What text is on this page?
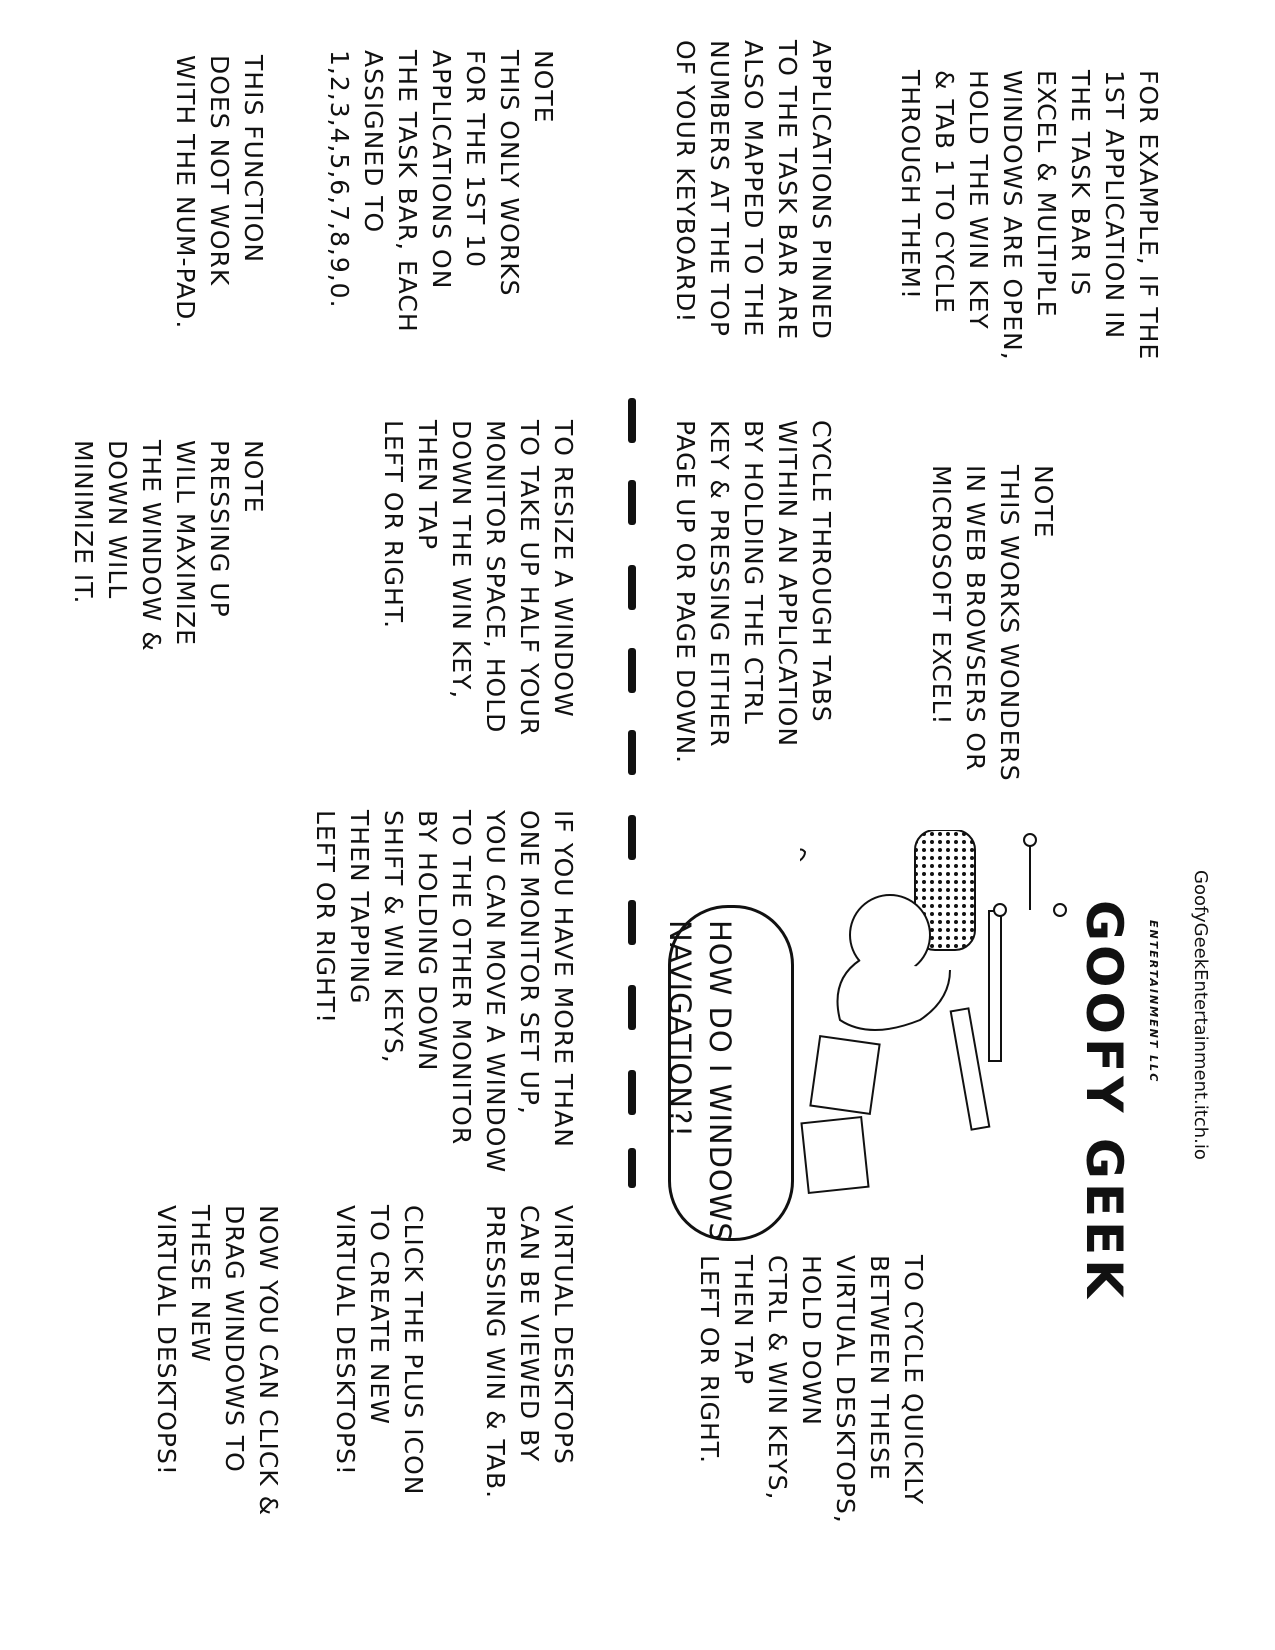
GoofyGeekEntertainment.itch.io
ENTERTAINMENT LLC
GOOFY GEEK
HOW DO I WINDOWS
NAVIGATION?!
APPLICATIONS PINNED
TO THE TASK BAR ARE
ALSO MAPPED TO THE
NUMBERS AT THE TOP
OF YOUR KEYBOARD!	FOR EXAMPLE, IF THE
1ST APPLICATION IN
THE TASK BAR IS
EXCEL & MULTIPLE
WINDOWS ARE OPEN,
HOLD THE WIN KEY
& TAB 1 TO CYCLE
THROUGH THEM!
NOTE
THIS ONLY WORKS
FOR THE 1ST 10
APPLICATIONS ON
THE TASK BAR, EACH
ASSIGNED TO
1,2,3,4,5,6,7,8,9,0.
THIS FUNCTION
DOES NOT WORK
WITH THE NUM-PAD.
CYCLE THROUGH TABS
WITHIN AN APPLICATION
BY HOLDING THE CTRL
KEY & PRESSING EITHER
PAGE UP OR PAGE DOWN.	NOTE
THIS WORKS WONDERS
IN WEB BROWSERS OR
MICROSOFT EXCEL!
TO RESIZE A WINDOW
TO TAKE UP HALF YOUR
MONITOR SPACE, HOLD
DOWN THE WIN KEY,
THEN TAP
LEFT OR RIGHT.
NOTE
PRESSING UP
WILL MAXIMIZE
THE WINDOW &
DOWN WILL
MINIMIZE IT.
IF YOU HAVE MORE THAN
ONE MONITOR SET UP,
YOU CAN MOVE A WINDOW
TO THE OTHER MONITOR
BY HOLDING DOWN
SHIFT & WIN KEYS,
THEN TAPPING
LEFT OR RIGHT!
VIRTUAL DESKTOPS
CAN BE VIEWED BY
PRESSING WIN & TAB.
CLICK THE PLUS ICON
TO CREATE NEW
VIRTUAL DESKTOPS!
NOW YOU CAN CLICK &
DRAG WINDOWS TO
THESE NEW
VIRTUAL DESKTOPS!	TO CYCLE QUICKLY
BETWEEN THESE
VIRTUAL DESKTOPS,
HOLD DOWN
CTRL & WIN KEYS,
THEN TAP
LEFT OR RIGHT.
